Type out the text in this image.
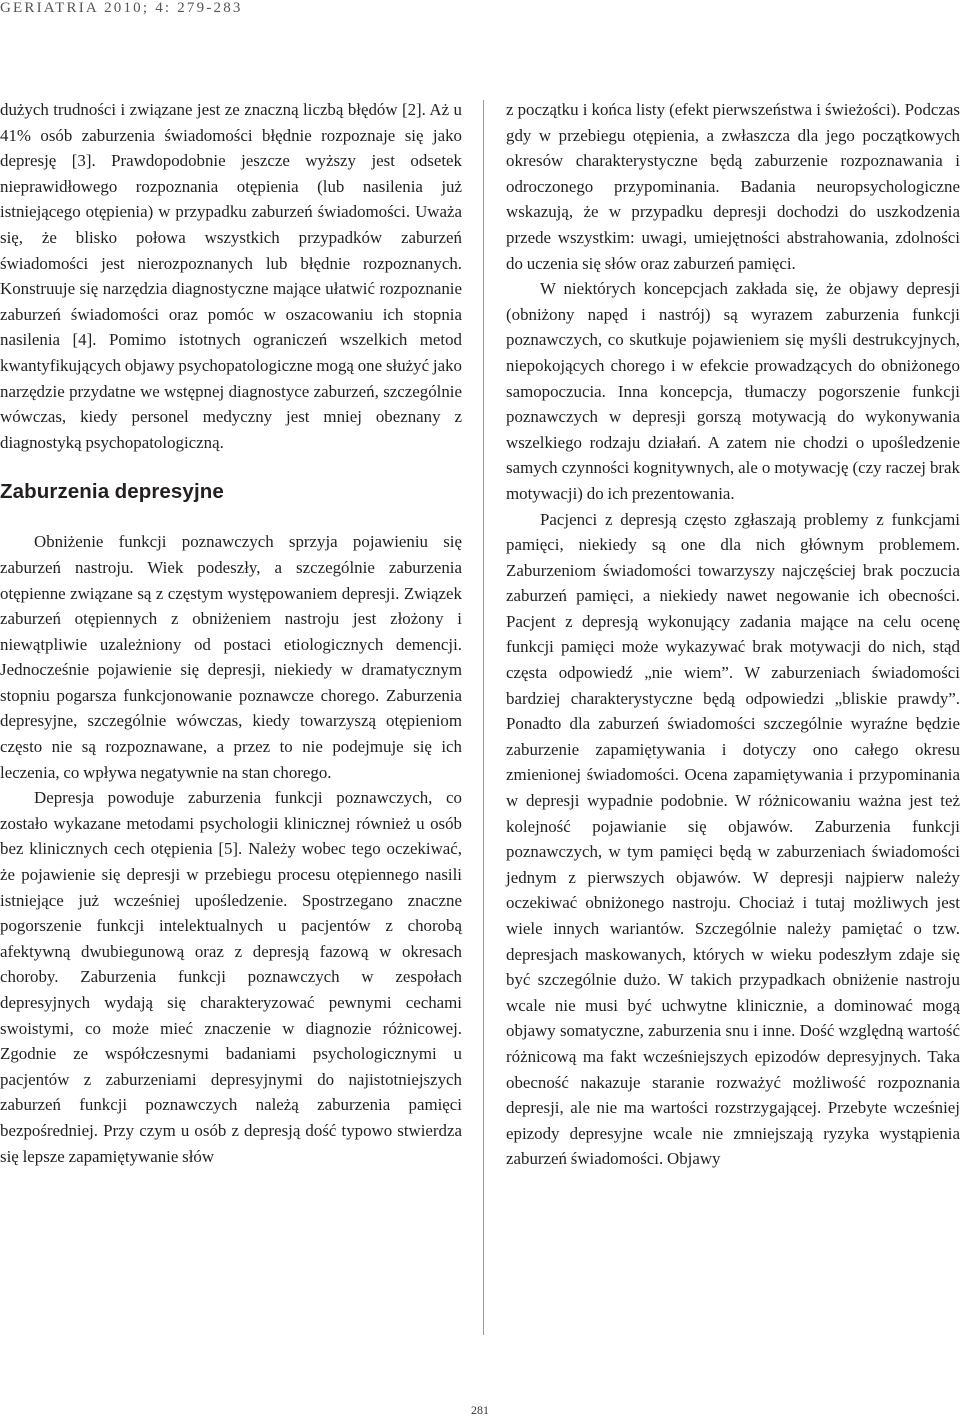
GERIATRIA 2010; 4: 279-283

dużych trudności i związane jest ze znaczną liczbą błędów [2]. Aż u 41% osób zaburzenia świadomości błędnie rozpoznaje się jako depresję [3]. Prawdopodobnie jeszcze wyższy jest odsetek nieprawidłowego rozpoznania otępienia (lub nasilenia już istniejącego otępienia) w przypadku zaburzeń świadomości. Uważa się, że blisko połowa wszystkich przypadków zaburzeń świadomości jest nierozpoznanych lub błędnie rozpoznanych. Konstruuje się narzędzia diagnostyczne mające ułatwić rozpoznanie zaburzeń świadomości oraz pomóc w oszacowaniu ich stopnia nasilenia [4]. Pomimo istotnych ograniczeń wszelkich metod kwantyfikujących objawy psychopatologiczne mogą one służyć jako narzędzie przydatne we wstępnej diagnostyce zaburzeń, szczególnie wówczas, kiedy personel medyczny jest mniej obeznany z diagnostyką psychopatologiczną.

Zaburzenia depresyjne

Obniżenie funkcji poznawczych sprzyja pojawieniu się zaburzeń nastroju. Wiek podeszły, a szczególnie zaburzenia otępienne związane są z częstym występowaniem depresji. Związek zaburzeń otępiennych z obniżeniem nastroju jest złożony i niewątpliwie uzależniony od postaci etiologicznych demencji. Jednocześnie pojawienie się depresji, niekiedy w dramatycznym stopniu pogarsza funkcjonowanie poznawcze chorego. Zaburzenia depresyjne, szczególnie wówczas, kiedy towarzyszą otępieniom często nie są rozpoznawane, a przez to nie podejmuje się ich leczenia, co wpływa negatywnie na stan chorego.

Depresja powoduje zaburzenia funkcji poznawczych, co zostało wykazane metodami psychologii klinicznej również u osób bez klinicznych cech otępienia [5]. Należy wobec tego oczekiwać, że pojawienie się depresji w przebiegu procesu otępiennego nasili istniejące już wcześniej upośledzenie. Spostrzegano znaczne pogorszenie funkcji intelektualnych u pacjentów z chorobą afektywną dwubiegunową oraz z depresją fazową w okresach choroby. Zaburzenia funkcji poznawczych w zespołach depresyjnych wydają się charakteryzować pewnymi cechami swoistymi, co może mieć znaczenie w diagnozie różnicowej. Zgodnie ze współczesnymi badaniami psychologicznymi u pacjentów z zaburzeniami depresyjnymi do najistotniejszych zaburzeń funkcji poznawczych należą zaburzenia pamięci bezpośredniej. Przy czym u osób z depresją dość typowo stwierdza się lepsze zapamiętywanie słów

z początku i końca listy (efekt pierwszeństwa i świeżości). Podczas gdy w przebiegu otępienia, a zwłaszcza dla jego początkowych okresów charakterystyczne będą zaburzenie rozpoznawania i odroczonego przypominania. Badania neuropsychologiczne wskazują, że w przypadku depresji dochodzi do uszkodzenia przede wszystkim: uwagi, umiejętności abstrahowania, zdolności do uczenia się słów oraz zaburzeń pamięci.

W niektórych koncepcjach zakłada się, że objawy depresji (obniżony napęd i nastrój) są wyrazem zaburzenia funkcji poznawczych, co skutkuje pojawieniem się myśli destrukcyjnych, niepokojących chorego i w efekcie prowadzących do obniżonego samopoczucia. Inna koncepcja, tłumaczy pogorszenie funkcji poznawczych w depresji gorszą motywacją do wykonywania wszelkiego rodzaju działań. A zatem nie chodzi o upośledzenie samych czynności kognitywnych, ale o motywację (czy raczej brak motywacji) do ich prezentowania.

Pacjenci z depresją często zgłaszają problemy z funkcjami pamięci, niekiedy są one dla nich głównym problemem. Zaburzeniom świadomości towarzyszy najczęściej brak poczucia zaburzeń pamięci, a niekiedy nawet negowanie ich obecności. Pacjent z depresją wykonujący zadania mające na celu ocenę funkcji pamięci może wykazywać brak motywacji do nich, stąd częsta odpowiedź „nie wiem”. W zaburzeniach świadomości bardziej charakterystyczne będą odpowiedzi „bliskie prawdy”. Ponadto dla zaburzeń świadomości szczególnie wyraźne będzie zaburzenie zapamiętywania i dotyczy ono całego okresu zmienionej świadomości. Ocena zapamiętywania i przypominania w depresji wypadnie podobnie. W różnicowaniu ważna jest też kolejność pojawianie się objawów. Zaburzenia funkcji poznawczych, w tym pamięci będą w zaburzeniach świadomości jednym z pierwszych objawów. W depresji najpierw należy oczekiwać obniżonego nastroju. Chociaż i tutaj możliwych jest wiele innych wariantów. Szczególnie należy pamiętać o tzw. depresjach maskowanych, których w wieku podeszłym zdaje się być szczególnie dużo. W takich przypadkach obniżenie nastroju wcale nie musi być uchwytne klinicznie, a dominować mogą objawy somatyczne, zaburzenia snu i inne. Dość względną wartość różnicową ma fakt wcześniejszych epizodów depresyjnych. Taka obecność nakazuje staranie rozważyć możliwość rozpoznania depresji, ale nie ma wartości rozstrzygającej. Przebyte wcześniej epizody depresyjne wcale nie zmniejszają ryzyka wystąpienia zaburzeń świadomości. Objawy

281
